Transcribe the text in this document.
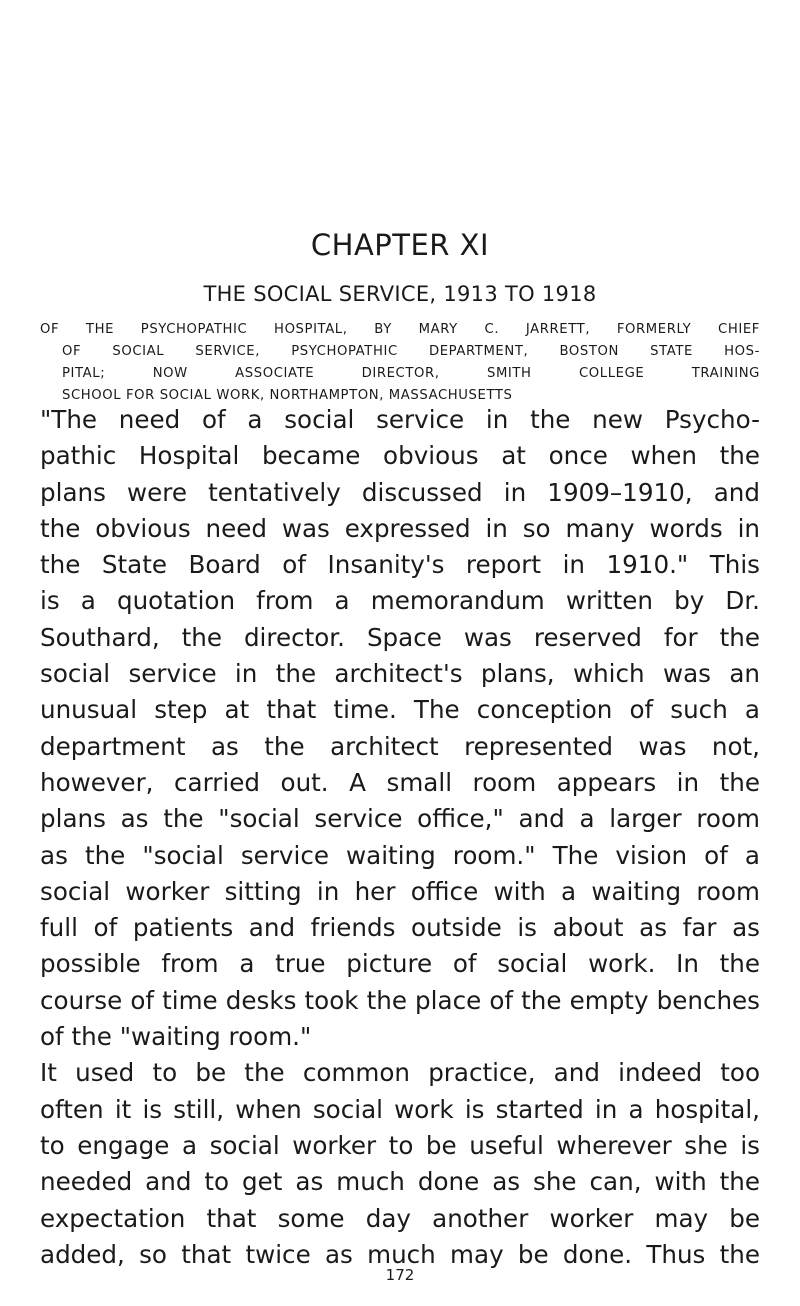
CHAPTER XI
THE SOCIAL SERVICE, 1913 TO 1918
OF THE PSYCHOPATHIC HOSPITAL, BY MARY C. JARRETT, FORMERLY CHIEF
OF SOCIAL SERVICE, PSYCHOPATHIC DEPARTMENT, BOSTON STATE HOS-
PITAL; NOW ASSOCIATE DIRECTOR, SMITH COLLEGE TRAINING
SCHOOL FOR SOCIAL WORK, NORTHAMPTON, MASSACHUSETTS
"The need of a social service in the new Psycho-
pathic Hospital became obvious at once when the
plans were tentatively discussed in 1909–1910, and
the obvious need was expressed in so many words in
the State Board of Insanity's report in 1910." This
is a quotation from a memorandum written by Dr.
Southard, the director. Space was reserved for the
social service in the architect's plans, which was an
unusual step at that time. The conception of such a
department as the architect represented was not,
however, carried out. A small room appears in the
plans as the "social service office," and a larger room
as the "social service waiting room." The vision of a
social worker sitting in her office with a waiting room
full of patients and friends outside is about as far as
possible from a true picture of social work. In the
course of time desks took the place of the empty benches
of the "waiting room."
It used to be the common practice, and indeed too
often it is still, when social work is started in a hospital,
to engage a social worker to be useful wherever she is
needed and to get as much done as she can, with the
expectation that some day another worker may be
added, so that twice as much may be done. Thus the
172
